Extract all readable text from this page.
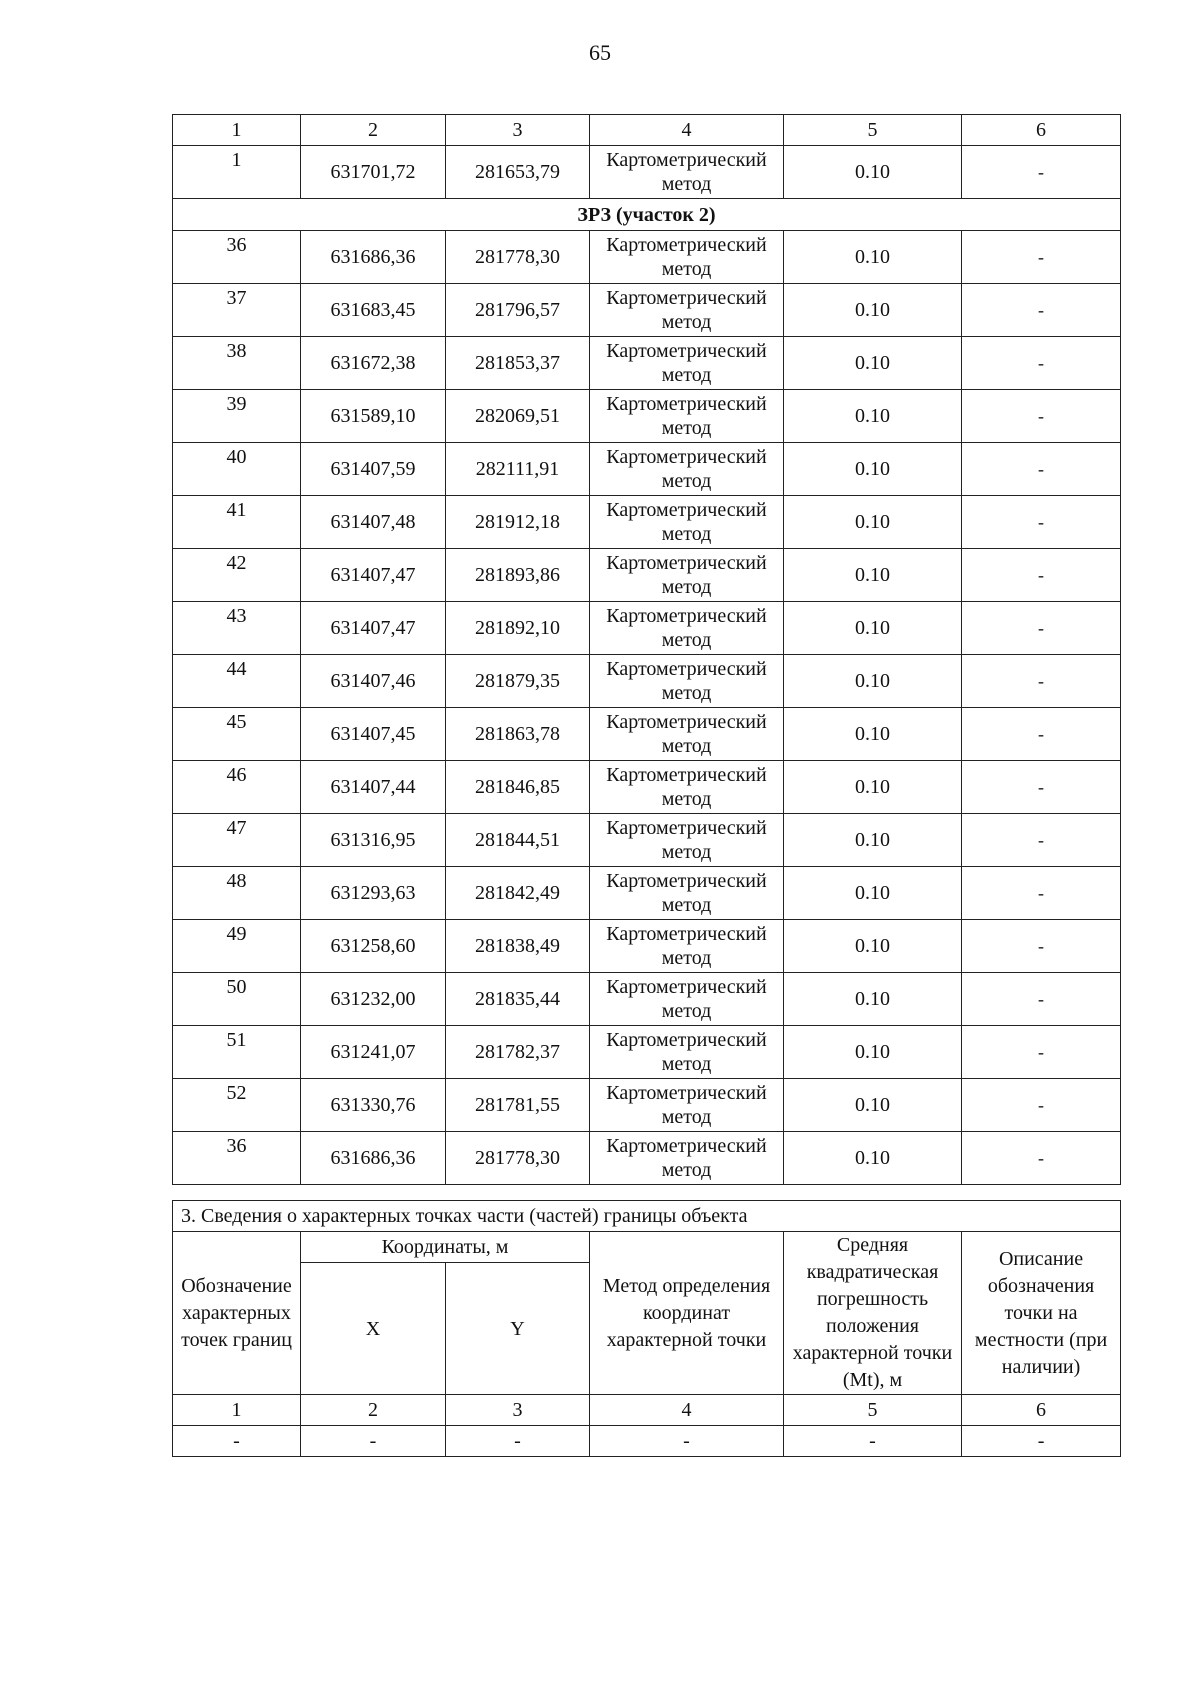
65
1	2	3	4	5	6
1	631701,72	281653,79	Картометрический метод	0.10	-
ЗРЗ (участок 2)					
36	631686,36	281778,30	Картометрический метод	0.10	-
37	631683,45	281796,57	Картометрический метод	0.10	-
38	631672,38	281853,37	Картометрический метод	0.10	-
39	631589,10	282069,51	Картометрический метод	0.10	-
40	631407,59	282111,91	Картометрический метод	0.10	-
41	631407,48	281912,18	Картометрический метод	0.10	-
42	631407,47	281893,86	Картометрический метод	0.10	-
43	631407,47	281892,10	Картометрический метод	0.10	-
44	631407,46	281879,35	Картометрический метод	0.10	-
45	631407,45	281863,78	Картометрический метод	0.10	-
46	631407,44	281846,85	Картометрический метод	0.10	-
47	631316,95	281844,51	Картометрический метод	0.10	-
48	631293,63	281842,49	Картометрический метод	0.10	-
49	631258,60	281838,49	Картометрический метод	0.10	-
50	631232,00	281835,44	Картометрический метод	0.10	-
51	631241,07	281782,37	Картометрический метод	0.10	-
52	631330,76	281781,55	Картометрический метод	0.10	-
36	631686,36	281778,30	Картометрический метод	0.10	-
3. Сведения о характерных точках части (частей) границы объекта					
Обозначение характерных точек границ	Координаты, м		Метод определения координат характерной точки	Средняя квадратическая погрешность положения характерной точки (Mt), м	Описание обозначения точки на местности (при наличии)
	X	Y			
1	2	3	4	5	6
-	-	-	-	-	-
